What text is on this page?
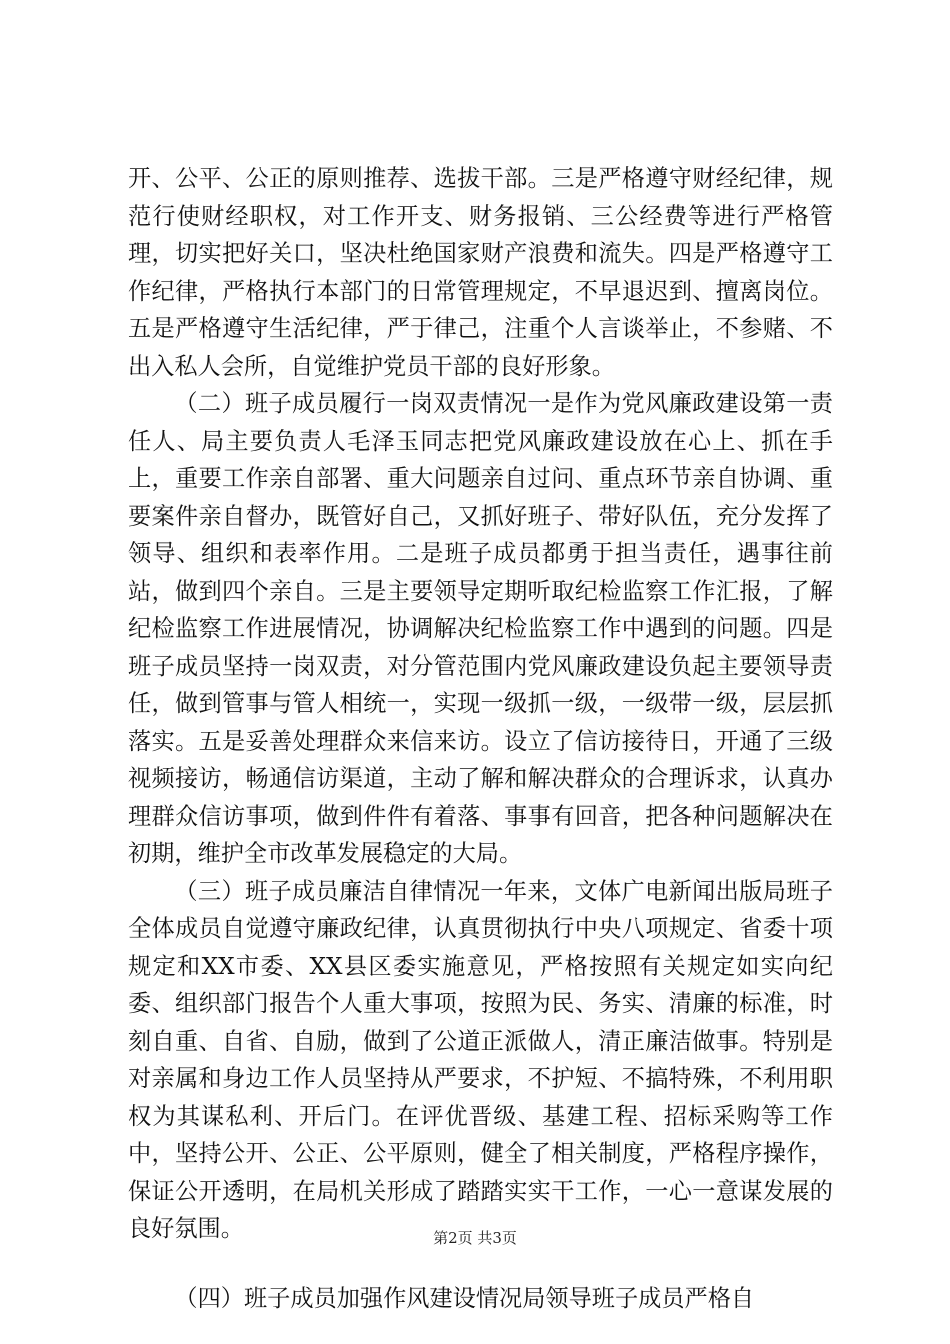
开、公平、公正的原则推荐、选拔干部。三是严格遵守财经纪律，规范行使财经职权，对工作开支、财务报销、三公经费等进行严格管理，切实把好关口，坚决杜绝国家财产浪费和流失。四是严格遵守工作纪律，严格执行本部门的日常管理规定，不早退迟到、擅离岗位。五是严格遵守生活纪律，严于律己，注重个人言谈举止，不参赌、不出入私人会所，自觉维护党员干部的良好形象。

（二）班子成员履行一岗双责情况一是作为党风廉政建设第一责任人、局主要负责人毛泽玉同志把党风廉政建设放在心上、抓在手上，重要工作亲自部署、重大问题亲自过问、重点环节亲自协调、重要案件亲自督办，既管好自己，又抓好班子、带好队伍，充分发挥了领导、组织和表率作用。二是班子成员都勇于担当责任，遇事往前站，做到四个亲自。三是主要领导定期听取纪检监察工作汇报，了解纪检监察工作进展情况，协调解决纪检监察工作中遇到的问题。四是班子成员坚持一岗双责，对分管范围内党风廉政建设负起主要领导责任，做到管事与管人相统一，实现一级抓一级，一级带一级，层层抓落实。五是妥善处理群众来信来访。设立了信访接待日，开通了三级视频接访，畅通信访渠道，主动了解和解决群众的合理诉求，认真办理群众信访事项，做到件件有着落、事事有回音，把各种问题解决在初期，维护全市改革发展稳定的大局。

（三）班子成员廉洁自律情况一年来，文体广电新闻出版局班子全体成员自觉遵守廉政纪律，认真贯彻执行中央八项规定、省委十项规定和XX市委、XX县区委实施意见，严格按照有关规定如实向纪委、组织部门报告个人重大事项，按照为民、务实、清廉的标准，时刻自重、自省、自励，做到了公道正派做人，清正廉洁做事。特别是对亲属和身边工作人员坚持从严要求，不护短、不搞特殊，不利用职权为其谋私利、开后门。在评优晋级、基建工程、招标采购等工作中，坚持公开、公正、公平原则，健全了相关制度，严格程序操作，保证公开透明，在局机关形成了踏踏实实干工作，一心一意谋发展的良好氛围。

（四）班子成员加强作风建设情况局领导班子成员严格自

第2页 共3页
